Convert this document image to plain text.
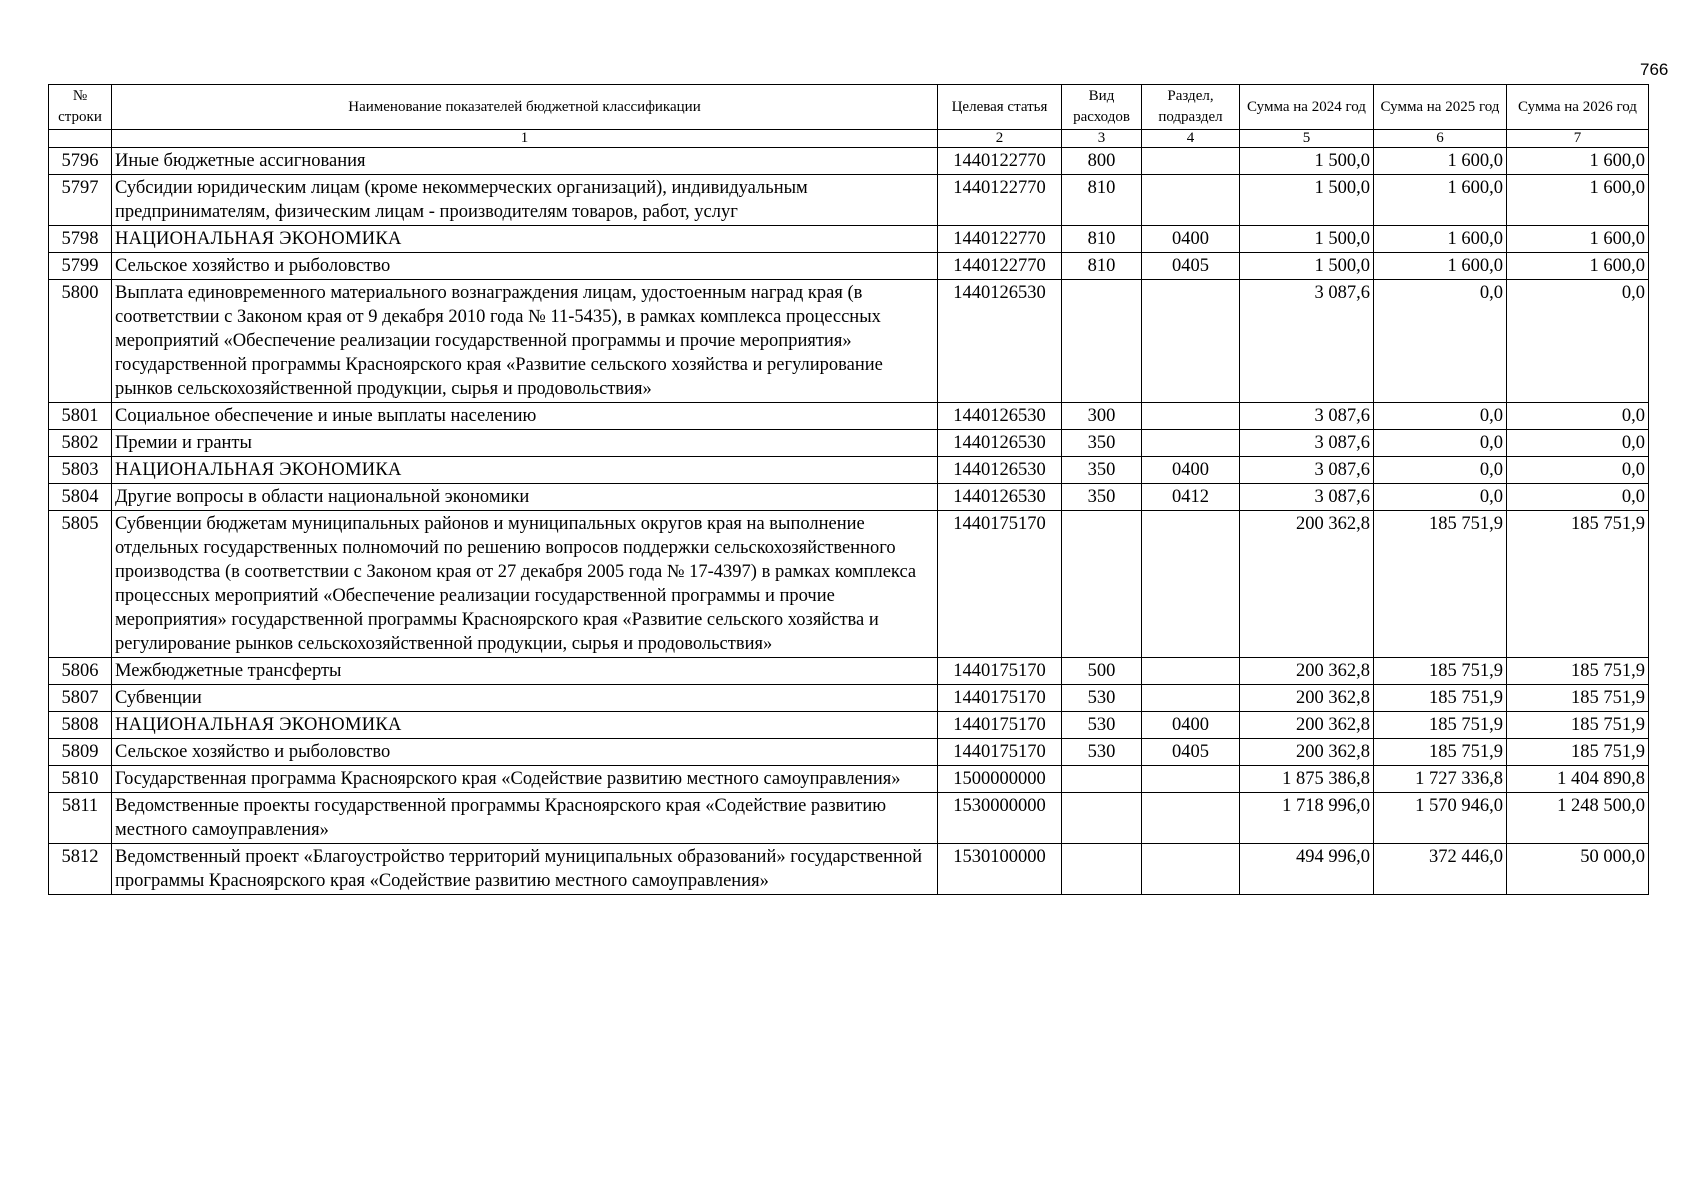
766
№ строки	Наименование показателей бюджетной классификации	Целевая статья	Вид расходов	Раздел, подраздел	Сумма на 2024 год	Сумма на 2025 год	Сумма на 2026 год
	1	2	3	4	5	6	7
5796	Иные бюджетные ассигнования	1440122770	800		1 500,0	1 600,0	1 600,0
5797	Субсидии юридическим лицам (кроме некоммерческих организаций), индивидуальным предпринимателям, физическим лицам - производителям товаров, работ, услуг	1440122770	810		1 500,0	1 600,0	1 600,0
5798	НАЦИОНАЛЬНАЯ ЭКОНОМИКА	1440122770	810	0400	1 500,0	1 600,0	1 600,0
5799	Сельское хозяйство и рыболовство	1440122770	810	0405	1 500,0	1 600,0	1 600,0
5800	Выплата единовременного материального вознаграждения лицам, удостоенным наград края (в соответствии с Законом края от 9 декабря 2010 года № 11-5435), в рамках комплекса процессных мероприятий «Обеспечение реализации государственной программы и прочие мероприятия» государственной программы Красноярского края «Развитие сельского хозяйства и регулирование рынков сельскохозяйственной продукции, сырья и продовольствия»	1440126530			3 087,6	0,0	0,0
5801	Социальное обеспечение и иные выплаты населению	1440126530	300		3 087,6	0,0	0,0
5802	Премии и гранты	1440126530	350		3 087,6	0,0	0,0
5803	НАЦИОНАЛЬНАЯ ЭКОНОМИКА	1440126530	350	0400	3 087,6	0,0	0,0
5804	Другие вопросы в области национальной экономики	1440126530	350	0412	3 087,6	0,0	0,0
5805	Субвенции бюджетам муниципальных районов и муниципальных округов края на выполнение отдельных государственных полномочий по решению вопросов поддержки сельскохозяйственного производства (в соответствии с Законом края от 27 декабря 2005 года № 17-4397) в рамках комплекса процессных мероприятий «Обеспечение реализации государственной программы и прочие мероприятия» государственной программы Красноярского края «Развитие сельского хозяйства и регулирование рынков сельскохозяйственной продукции, сырья и продовольствия»	1440175170			200 362,8	185 751,9	185 751,9
5806	Межбюджетные трансферты	1440175170	500		200 362,8	185 751,9	185 751,9
5807	Субвенции	1440175170	530		200 362,8	185 751,9	185 751,9
5808	НАЦИОНАЛЬНАЯ ЭКОНОМИКА	1440175170	530	0400	200 362,8	185 751,9	185 751,9
5809	Сельское хозяйство и рыболовство	1440175170	530	0405	200 362,8	185 751,9	185 751,9
5810	Государственная программа Красноярского края «Содействие развитию местного самоуправления»	1500000000			1 875 386,8	1 727 336,8	1 404 890,8
5811	Ведомственные проекты государственной программы Красноярского края «Содействие развитию местного самоуправления»	1530000000			1 718 996,0	1 570 946,0	1 248 500,0
5812	Ведомственный проект «Благоустройство территорий муниципальных образований» государственной программы Красноярского края «Содействие развитию местного самоуправления»	1530100000			494 996,0	372 446,0	50 000,0
